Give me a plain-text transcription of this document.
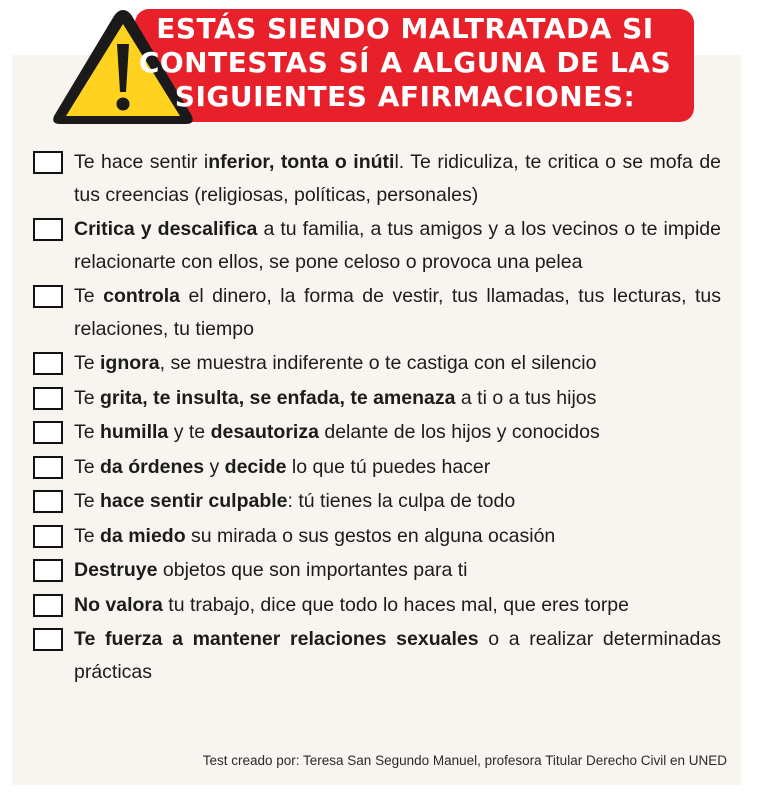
ESTÁS SIENDO MALTRATADA SI
CONTESTAS SÍ A ALGUNA DE LAS
SIGUIENTES AFIRMACIONES:
Te hace sentir inferior, tonta o inútil. Te ridiculiza, te critica o se mofa de tus creencias (religiosas, políticas, personales)
Critica y descalifica a tu familia, a tus amigos y a los vecinos o te impide relacionarte con ellos, se pone celoso o provoca una pelea
Te controla el dinero, la forma de vestir, tus llamadas, tus lecturas, tus relaciones, tu tiempo
Te ignora, se muestra indiferente o te castiga con el silencio
Te grita, te insulta, se enfada, te amenaza a ti o a tus hijos
Te humilla y te desautoriza delante de los hijos y conocidos
Te da órdenes y decide lo que tú puedes hacer
Te hace sentir culpable: tú tienes la culpa de todo
Te da miedo su mirada o sus gestos en alguna ocasión
Destruye objetos que son importantes para ti
No valora tu trabajo, dice que todo lo haces mal, que eres torpe
Te fuerza a mantener relaciones sexuales o a realizar determinadas prácticas
Test creado por: Teresa San Segundo Manuel, profesora Titular Derecho Civil en UNED
